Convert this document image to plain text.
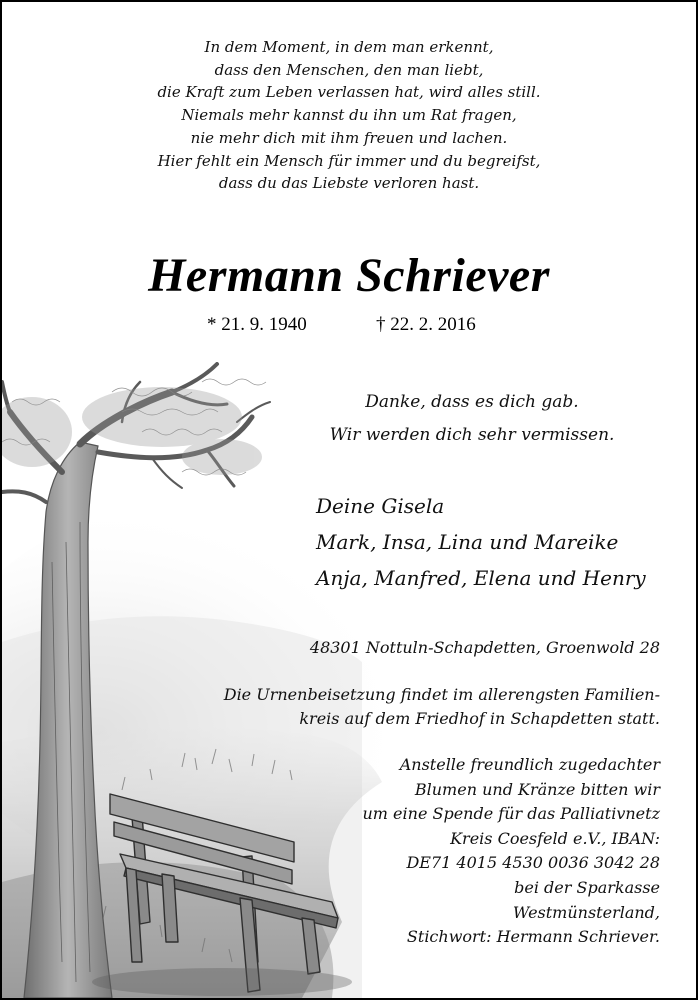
In dem Moment, in dem man erkennt,
dass den Menschen, den man liebt,
die Kraft zum Leben verlassen hat, wird alles still.
Niemals mehr kannst du ihn um Rat fragen,
nie mehr dich mit ihm freuen und lachen.
Hier fehlt ein Mensch für immer und du begreifst,
dass du das Liebste verloren hast.
Hermann Schriever
* 21. 9. 1940	† 22. 2. 2016
Danke, dass es dich gab.
Wir werden dich sehr vermissen.
Deine Gisela
Mark, Insa, Lina und Mareike
Anja, Manfred, Elena und Henry
48301 Nottuln-Schapdetten, Groenwold 28
Die Urnenbeisetzung findet im allerengsten Familien-
kreis auf dem Friedhof in Schapdetten statt.
Anstelle freundlich zugedachter
Blumen und Kränze bitten wir
um eine Spende für das Palliativnetz
Kreis Coesfeld e.V., IBAN:
DE71 4015 4530 0036 3042 28
bei der Sparkasse
Westmünsterland,
Stichwort: Hermann Schriever.
